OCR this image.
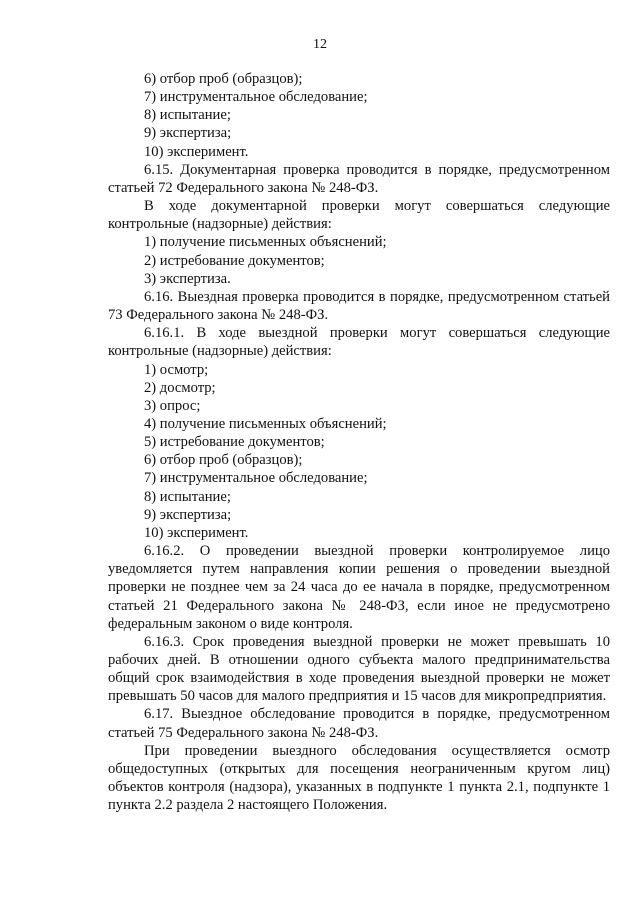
12

6) отбор проб (образцов);

7) инструментальное обследование;

8) испытание;

9) экспертиза;

10) эксперимент.

6.15. Документарная проверка проводится в порядке, предусмотренном статьей 72 Федерального закона № 248-ФЗ.

В ходе документарной проверки могут совершаться следующие контрольные (надзорные) действия:

1) получение письменных объяснений;

2) истребование документов;

3) экспертиза.

6.16. Выездная проверка проводится в порядке, предусмотренном статьей 73 Федерального закона № 248-ФЗ.

6.16.1. В ходе выездной проверки могут совершаться следующие контрольные (надзорные) действия:

1) осмотр;

2) досмотр;

3) опрос;

4) получение письменных объяснений;

5) истребование документов;

6) отбор проб (образцов);

7) инструментальное обследование;

8) испытание;

9) экспертиза;

10) эксперимент.

6.16.2. О проведении выездной проверки контролируемое лицо уведомляется путем направления копии решения о проведении выездной проверки не позднее чем за 24 часа до ее начала в порядке, предусмотренном статьей 21 Федерального закона № 248-ФЗ, если иное не предусмотрено федеральным законом о виде контроля.

6.16.3. Срок проведения выездной проверки не может превышать 10 рабочих дней. В отношении одного субъекта малого предпринимательства общий срок взаимодействия в ходе проведения выездной проверки не может превышать 50 часов для малого предприятия и 15 часов для микропредприятия.

6.17. Выездное обследование проводится в порядке, предусмотренном статьей 75 Федерального закона № 248-ФЗ.

При проведении выездного обследования осуществляется осмотр общедоступных (открытых для посещения неограниченным кругом лиц) объектов контроля (надзора), указанных в подпункте 1 пункта 2.1, подпункте 1 пункта 2.2 раздела 2 настоящего Положения.
